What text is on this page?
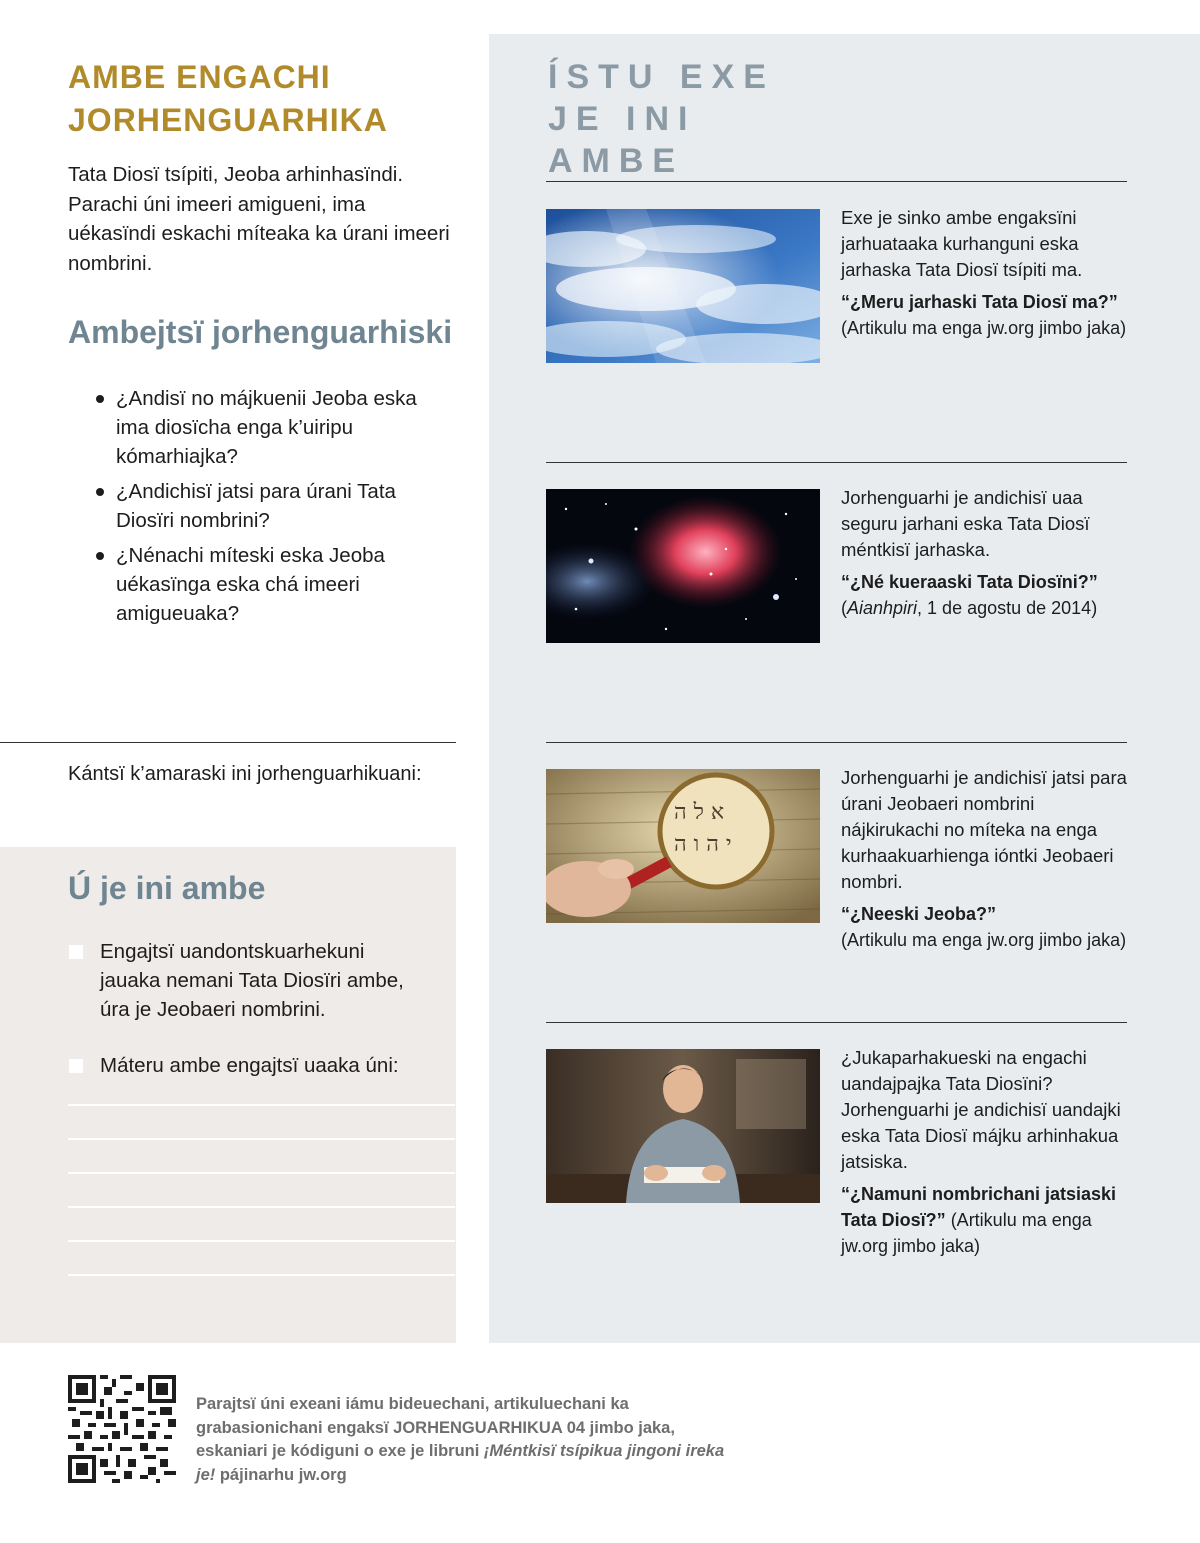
AMBE ENGACHI JORHENGUARHIKA
Tata Diosï tsípiti, Jeoba arhinhasïndi. Parachi úni imeeri amigueni, ima uékasïndi eskachi míteaka ka úrani imeeri nombrini.
Ambejtsï jorhenguarhiski
¿Andisï no májkuenii Jeoba eska ima diosïcha enga k’uiripu kómarhiajka?
¿Andichisï jatsi para úrani Tata Diosïri nombrini?
¿Nénachi míteski eska Jeoba uékasïnga eska chá imeeri amigueuaka?
Kántsï k’amaraski ini jorhenguarhikuani:
Ú je ini ambe
Engajtsï uandontskuarhekuni jauaka nemani Tata Diosïri ambe, úra je Jeobaeri nombrini.
Máteru ambe engajtsï uaaka úni:
ÍSTU EXE JE INI AMBE

Exe je sinko ambe engaksïni jarhuataaka kurhanguni eska jarhaska Tata Diosï tsípiti ma.

“¿Meru jarhaski Tata Diosï ma?” (Artikulu ma enga jw.org jimbo jaka)

Jorhenguarhi je andichisï uaa seguru jarhani eska Tata Diosï méntkisï jarhaska.

“¿Né kueraaski Tata Diosïni?”
(Aianhpiri, 1 de agostu de 2014)
א ל ה
י ה ו ה

Jorhenguarhi je andichisï jatsi para úrani Jeobaeri nombrini nájkirukachi no míteka na enga kurhaakuarhienga ióntki Jeobaeri nombri.

“¿Neeski Jeoba?”
(Artikulu ma enga jw.org jimbo jaka)

¿Jukaparhakueski na engachi uandajpajka Tata Diosïni? Jorhenguarhi je andichisï uandajki eska Tata Diosï májku arhinhakua jatsiska.

“¿Namuni nombrichani jatsiaski Tata Diosï?” (Artikulu ma enga jw.org jimbo jaka)
Parajtsï úni exeani iámu bideuechani, artikuluechani ka grabasionichani engaksï JORHENGUARHIKUA 04 jimbo jaka, eskaniari je kódiguni o exe je libruni ¡Méntkisï tsípikua jingoni ireka je! pájinarhu jw.org
